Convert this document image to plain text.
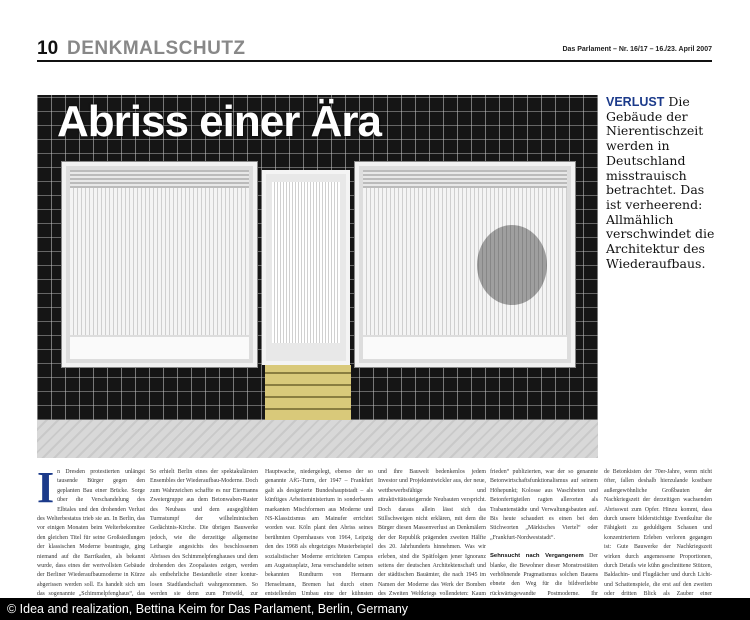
10 DENKMALSCHUTZ	Das Parlament – Nr. 16/17 – 16./23. April 2007
Abriss einer Ära	VERLUST Die Gebäude der Nierentischzeit werden in Deutschland misstrauisch betrachtet. Das ist verheerend: Allmählich verschwindet die Architektur des Wiederaufbaus.
In Dresden protestierten unlängst tausende Bürger gegen den geplanten Bau einer Brücke. Sorge über die Verschandelung des Elbtales und den drohenden Verlust des Welterbestatus trieb sie an. In Berlin, das vor einigen Monaten beim Welterbekomitee den gleichen Titel für seine Großsiedlungen der klassischen Moderne beantragte, ging niemand auf die Barrikaden, als bekannt wurde, dass eines der wertvollsten Gebäude der Berliner Wiederaufbaumoderne in Kürze abgerissen werden soll. Es handelt sich um das sogenannte „Schimmelpfenghaus“, das
So erhielt Berlin eines der spektakulärsten Ensembles der Wiederaufbau-Moderne. Doch zum Wahrzeichen schaffte es nur Eiermanns Zweiergruppe aus dem Betonwaben-Raster des Neubaus und dem ausgeglühten Turmstumpf der wilhelminischen Gedächtnis-Kirche. Die übrigen Bauwerke jedoch, wie die derzeitige allgemeine Lethargie angesichts des beschlossenen Abrisses des Schimmelpfenghauses und dem drohenden des Zoopalastes zeigen, werden als entbehrliche Bestandteile einer kontur-losen Stadtlandschaft wahrgenommen. So werden sie denn zum Freiwild, zur
Hauptwache, niedergelegt, ebenso der so genannte AfG-Turm, der 1947 – Frankfurt galt als designierte Bundeshauptstadt – als künftiges Arbeitsministerium in sonderbaren markanten Mischformen aus Moderne und NS-Klassizismus am Mainufer errichtet worden war. Köln plant den Abriss seines berühmten Opernhauses von 1964, Leipzig den des 1968 als ehrgeiziges Musterbeispiel sozialistischer Moderne errichteten Campus am Augustusplatz, Jena verschandelte seinen bekannten Rundturm von Hermann Henselmann, Bremen hat durch einen entstellenden Umbau eine der kühnsten
und ihre Bauwelt bedenkenlos jedem Investor und Projektentwickler aus, der neue, wettbewerbsfähige und attraktivitätssteigernde Neubauten verspricht. Doch daraus allein lässt sich das Stillschweigen nicht erklären, mit dem die Bürger diesen Massenverlust an Denkmälern der der Republik prägenden zweiten Hälfte des 20. Jahrhunderts hinnehmen. Was wir erleben, sind die Spätfolgen jener Ignoranz seitens der deutschen Architektenschaft und der städtischen Bauämter, die nach 1945 im Namen der Moderne das Werk der Bomben des Zweiten Weltkriegs vollendeten: Kaum

frieden“ publizierten, war der so genannte Betonwirtschaftsfunktionalismus auf seinem Höhepunkt; Kolosse aus Waschbeton und Betonfertigteilen ragten allerorten als Trabantenstädte und Verwaltungsbauten auf. Bis heute schaudert es einen bei den Stichworten „Märkisches Viertel“ oder „Frankfurt-Nordweststadt“.

Sehnsucht nach Vergangenem Der blanke, die Bewohner dieser Monstrositäten verhöhnende Pragmatismus solchen Bauens ebnete den Weg für die bildverliebte rückwärtsgewandte Postmoderne. Ihr

de Betonkisten der 70er-Jahre, wenn nicht öfter, fallen deshalb hierzulande kostbare außergewöhnliche Großbauten der Nachkriegszeit der derzeitigen wachsenden Abrisswut zum Opfer. Hinzu kommt, dass durch unsere bilderstichtige Eventkultur die Fähigkeit zu geduldigem Schauen und konzentriertem Erleben verloren gegangen ist: Gute Bauwerke der Nachkriegszeit wirken durch angemessene Proportionen, durch Details wie kühn geschnittene Stützen, Baldachin- und Flugdächer und durch Licht- und Schattenspiele, die erst auf den zweiten oder dritten Blick als Zauber einer
© Idea and realization, Bettina Keim for Das Parlament, Berlin, Germany
